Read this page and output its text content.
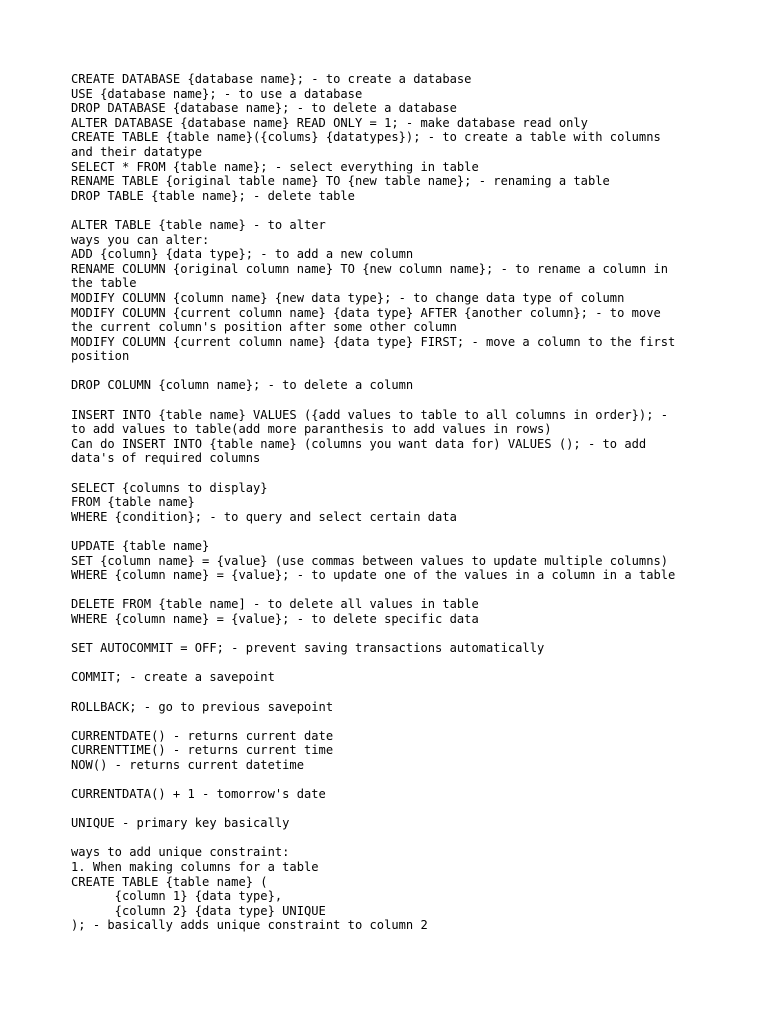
CREATE DATABASE {database name}; - to create a database
USE {database name}; - to use a database
DROP DATABASE {database name}; - to delete a database
ALTER DATABASE {database name} READ ONLY = 1; - make database read only
CREATE TABLE {table name}({colums} {datatypes}); - to create a table with columns
and their datatype
SELECT * FROM {table name}; - select everything in table
RENAME TABLE {original table name} TO {new table name}; - renaming a table
DROP TABLE {table name}; - delete table
ALTER TABLE {table name} - to alter
ways you can alter:
ADD {column} {data type}; - to add a new column
RENAME COLUMN {original column name} TO {new column name}; - to rename a column in
the table
MODIFY COLUMN {column name} {new data type}; - to change data type of column
MODIFY COLUMN {current column name} {data type} AFTER {another column}; - to move
the current column's position after some other column
MODIFY COLUMN {current column name} {data type} FIRST; - move a column to the first
position
DROP COLUMN {column name}; - to delete a column
INSERT INTO {table name} VALUES ({add values to table to all columns in order}); -
to add values to table(add more paranthesis to add values in rows)
Can do INSERT INTO {table name} (columns you want data for) VALUES (); - to add
data's of required columns
SELECT {columns to display}
FROM {table name}
WHERE {condition}; - to query and select certain data
UPDATE {table name}
SET {column name} = {value} (use commas between values to update multiple columns)
WHERE {column name} = {value}; - to update one of the values in a column in a table
DELETE FROM {table name] - to delete all values in table
WHERE {column name} = {value}; - to delete specific data
SET AUTOCOMMIT = OFF; - prevent saving transactions automatically
COMMIT; - create a savepoint
ROLLBACK; - go to previous savepoint
CURRENTDATE() - returns current date
CURRENTTIME() - returns current time
NOW() - returns current datetime
CURRENTDATA() + 1 - tomorrow's date
UNIQUE - primary key basically
ways to add unique constraint:
1. When making columns for a table
CREATE TABLE {table name} (
{column 1} {data type},
{column 2} {data type} UNIQUE
); - basically adds unique constraint to column 2
